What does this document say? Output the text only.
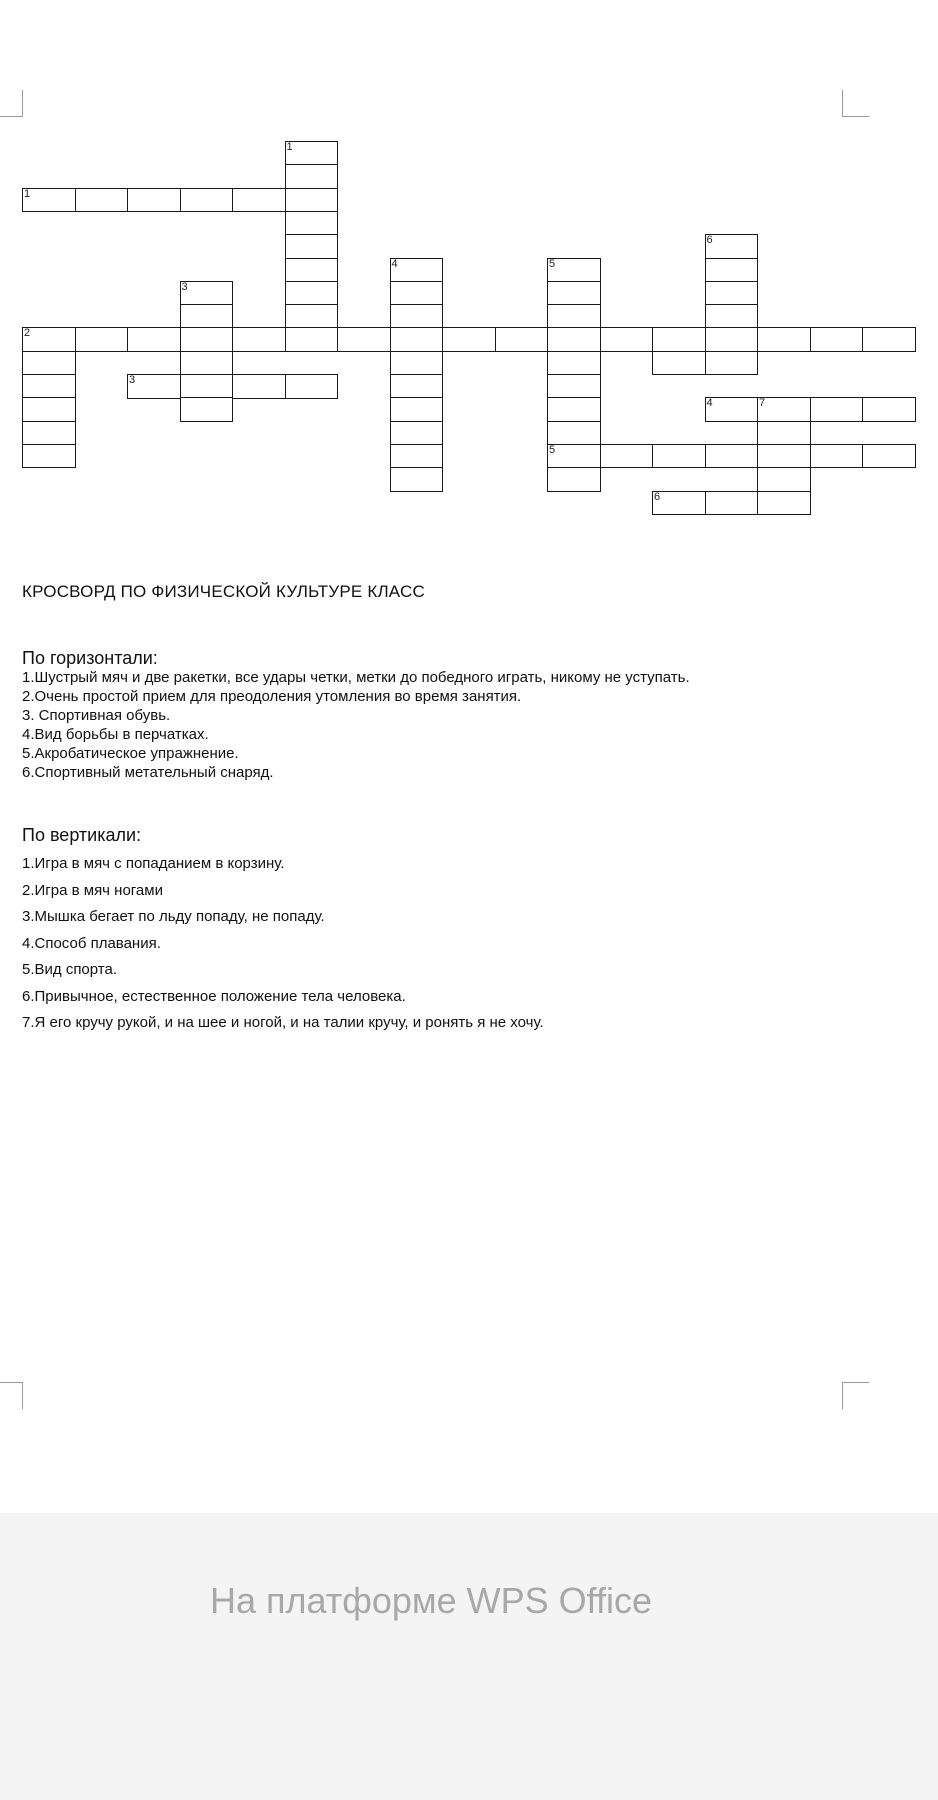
1
1
6
4	5
5
3
2
3
4	7
6
КРОСВОРД ПО ФИЗИЧЕСКОЙ КУЛЬТУРЕ КЛАСС
По горизонтали:
1.Шустрый мяч и две ракетки, все удары четки, метки до победного играть, никому не уступать.
2.Очень простой прием для преодоления утомления во время занятия.
3. Спортивная обувь.
4.Вид борьбы в перчатках.
5.Акробатическое упражнение.
6.Спортивный метательный снаряд.
По вертикали:
1.Игра в мяч с попаданием в корзину.
2.Игра в мяч ногами
3.Мышка бегает по льду попаду, не попаду.
4.Способ плавания.
5.Вид спорта.
6.Привычное, естественное положение тела человека.
7.Я его кручу рукой, и на шее и ногой, и на талии кручу, и ронять я не хочу.
На платформе WPS Office
